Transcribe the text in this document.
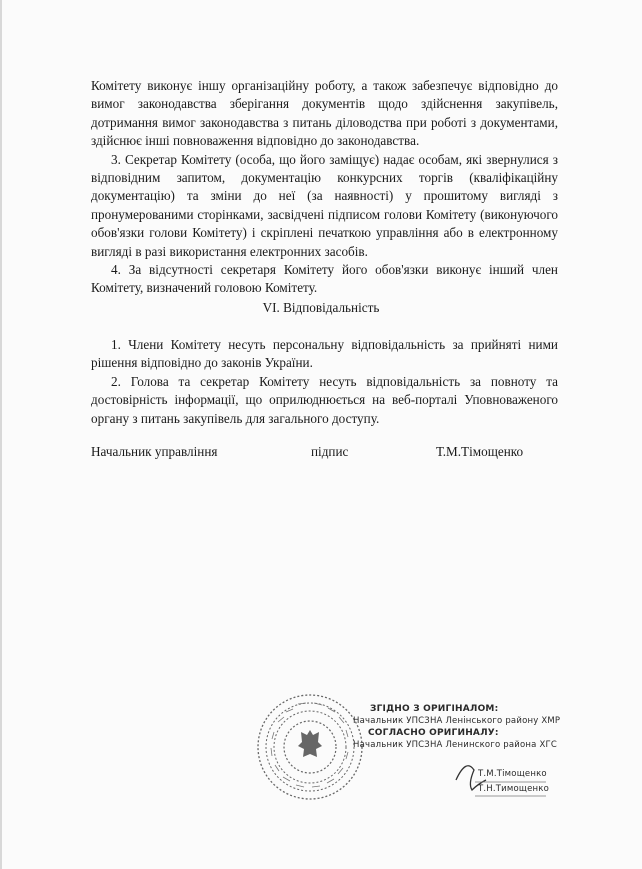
Комітету виконує іншу організаційну роботу, а також забезпечує відповідно до вимог законодавства зберігання документів щодо здійснення закупівель, дотримання вимог законодавства з питань діловодства при роботі з документами, здійснює інші повноваження відповідно до законодавства.

3. Секретар Комітету (особа, що його заміщує) надає особам, які звернулися з відповідним запитом, документацію конкурсних торгів (кваліфікаційну документацію) та зміни до неї (за наявності) у прошитому вигляді з пронумерованими сторінками, засвідчені підписом голови Комітету (виконуючого обов'язки голови Комітету) і скріплені печаткою управління або в електронному вигляді в разі використання електронних засобів.

4. За відсутності секретаря Комітету його обов'язки виконує інший член Комітету, визначений головою Комітету.

VI. Відповідальність

1. Члени Комітету несуть персональну відповідальність за прийняті ними рішення відповідно до законів України.

2. Голова та секретар Комітету несуть відповідальність за повноту та достовірність інформації, що оприлюднюється на веб-порталі Уповноваженого органу з питань закупівель для загального доступу.

Начальник управління	підпис	Т.М.Тімощенко
ЗГІДНО З ОРИГІНАЛОМ:
Начальник УПСЗНА Ленінського району ХМР
СОГЛАСНО ОРИГИНАЛУ:
Начальник УПСЗНА Ленинского района ХГС
Т.М.Тімощенко
Т.Н.Тимощенко
